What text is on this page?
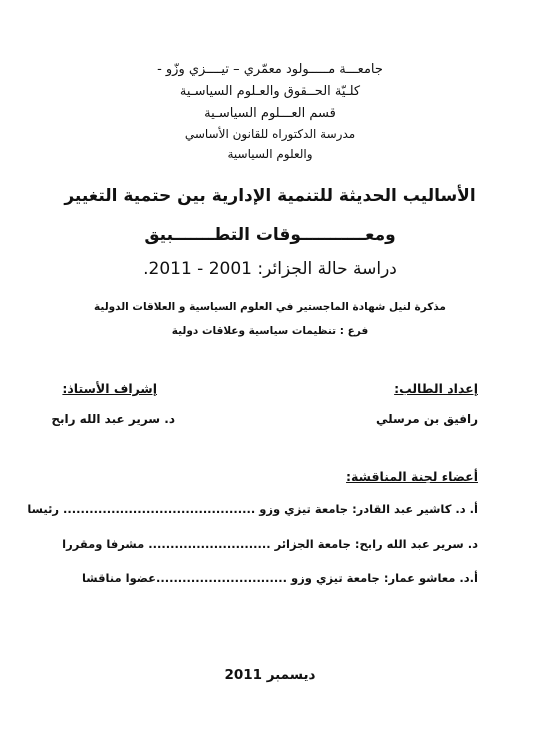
جامعـــة مـــــولود معمّري – تيــــزي وزّو -
كلـيّة الحــقوق والعـلوم السياسـية
قسم العـــلوم السياسـية
مدرسة الدكتوراه للقانون الأساسي
والعلوم السياسية
الأساليب الحديثة للتنمية الإدارية بين حتمية التغيير
ومعـــــــــــوقات التطـــــــبيق
دراسة حالة الجزائر: 2001 - 2011.
مذكرة لنيل شهادة الماجستير في العلوم السياسية و العلاقات الدولية
فرع : تنظيمات سياسية وعلاقات دولية
إعداد الطالب:
رافيق بن مرسلي
إشراف الأستاذ:
د. سرير عبد الله رابح
أعضاء لجنة المناقشة:
أ. د. كاشير عبد القادر: جامعة تيزي وزو ............................................ رئيسا
د. سرير عبد الله رابح: جامعة الجزائر ............................ مشرفا ومقررا
أ.د. معاشو عمار: جامعة تيزي وزو ..............................عضوا مناقشا
ديسمبر 2011
